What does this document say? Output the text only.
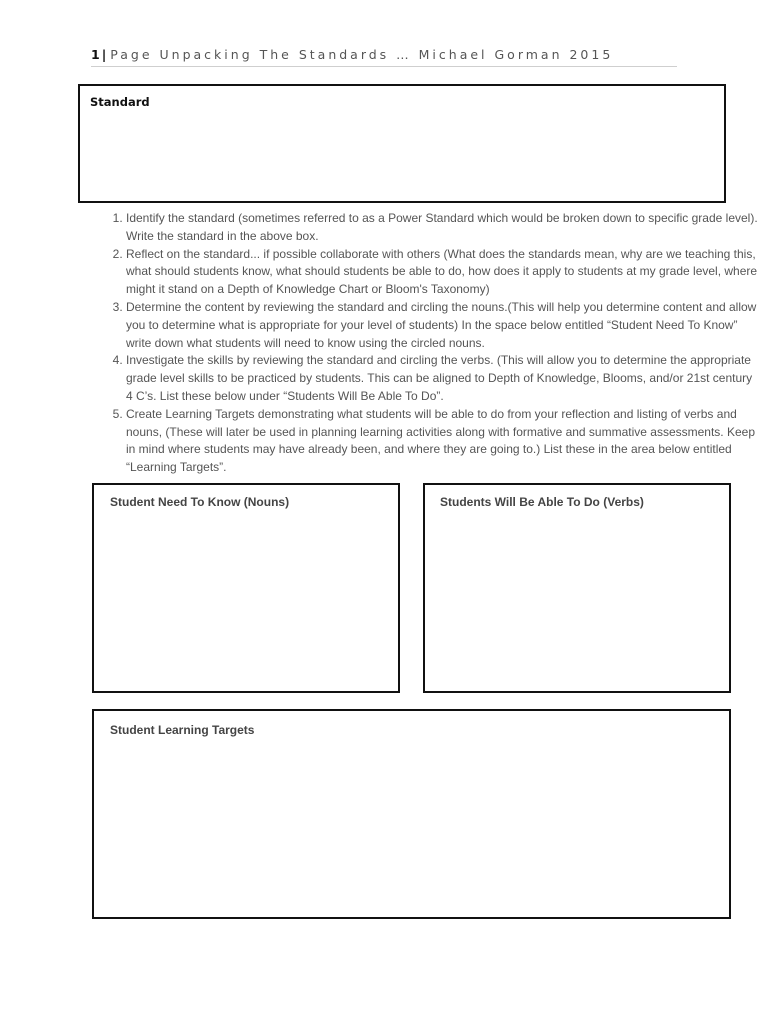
1 | Page Unpacking The Standards … Michael Gorman 2015
Standard
1. Identify the standard (sometimes referred to as a Power Standard which would be broken down to specific grade level). Write the standard in the above box.
2. Reflect on the standard... if possible collaborate with others (What does the standards mean, why are we teaching this, what should students know, what should students be able to do, how does it apply to students at my grade level, where might it stand on a Depth of Knowledge Chart or Bloom's Taxonomy)
3. Determine the content by reviewing the standard and circling the nouns.(This will help you determine content and allow you to determine what is appropriate for your level of students) In the space below entitled “Student Need To Know” write down what students will need to know using the circled nouns.
4. Investigate the skills by reviewing the standard and circling the verbs. (This will allow you to determine the appropriate grade level skills to be practiced by students. This can be aligned to Depth of Knowledge, Blooms, and/or 21st century 4 C’s. List these below under “Students Will Be Able To Do”.
5. Create Learning Targets demonstrating what students will be able to do from your reflection and listing of verbs and nouns, (These will later be used in planning learning activities along with formative and summative assessments. Keep in mind where students may have already been, and where they are going to.) List these in the area below entitled “Learning Targets”.
Student Need To Know (Nouns)	Students Will Be Able To Do (Verbs)
Student Learning Targets
